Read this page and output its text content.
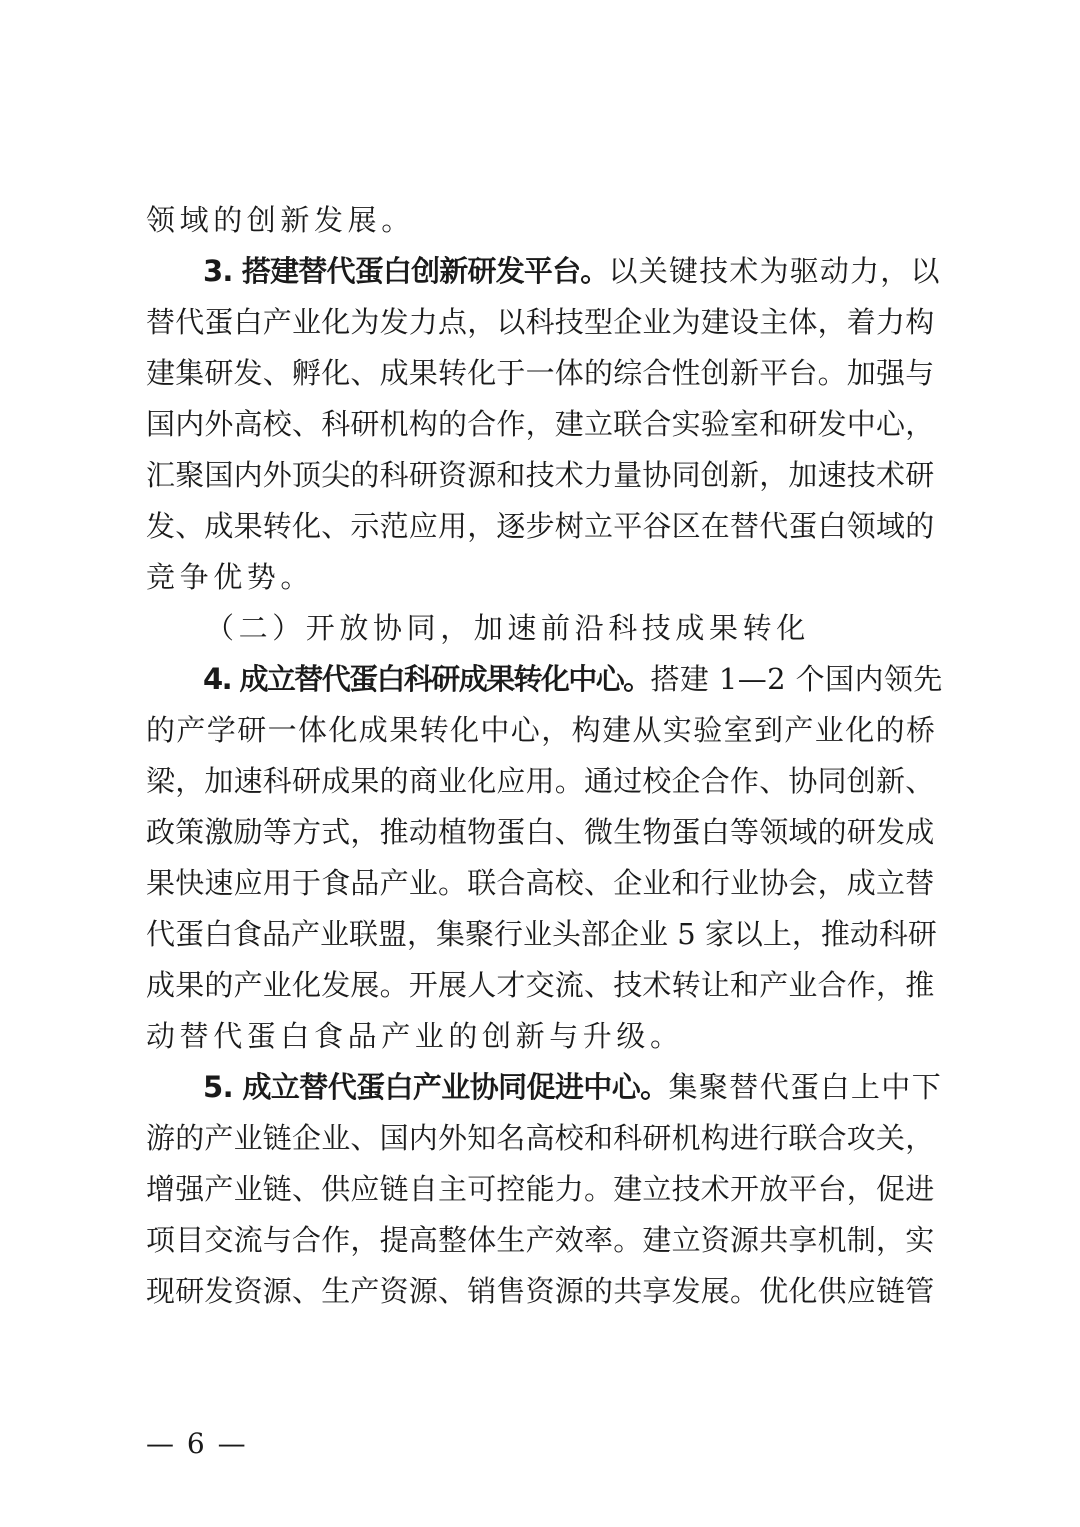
领域的创新发展。
3. 搭建替代蛋白创新研发平台。以关键技术为驱动力，以
替代蛋白产业化为发力点，以科技型企业为建设主体，着力构
建集研发、孵化、成果转化于一体的综合性创新平台。加强与
国内外高校、科研机构的合作，建立联合实验室和研发中心，
汇聚国内外顶尖的科研资源和技术力量协同创新，加速技术研
发、成果转化、示范应用，逐步树立平谷区在替代蛋白领域的
竞争优势。
（二）开放协同，加速前沿科技成果转化
4. 成立替代蛋白科研成果转化中心。搭建 1—2 个国内领先
的产学研一体化成果转化中心，构建从实验室到产业化的桥
梁，加速科研成果的商业化应用。通过校企合作、协同创新、
政策激励等方式，推动植物蛋白、微生物蛋白等领域的研发成
果快速应用于食品产业。联合高校、企业和行业协会，成立替
代蛋白食品产业联盟，集聚行业头部企业 5 家以上，推动科研
成果的产业化发展。开展人才交流、技术转让和产业合作，推
动替代蛋白食品产业的创新与升级。
5. 成立替代蛋白产业协同促进中心。集聚替代蛋白上中下
游的产业链企业、国内外知名高校和科研机构进行联合攻关，
增强产业链、供应链自主可控能力。建立技术开放平台，促进
项目交流与合作，提高整体生产效率。建立资源共享机制，实
现研发资源、生产资源、销售资源的共享发展。优化供应链管
— 6 —
